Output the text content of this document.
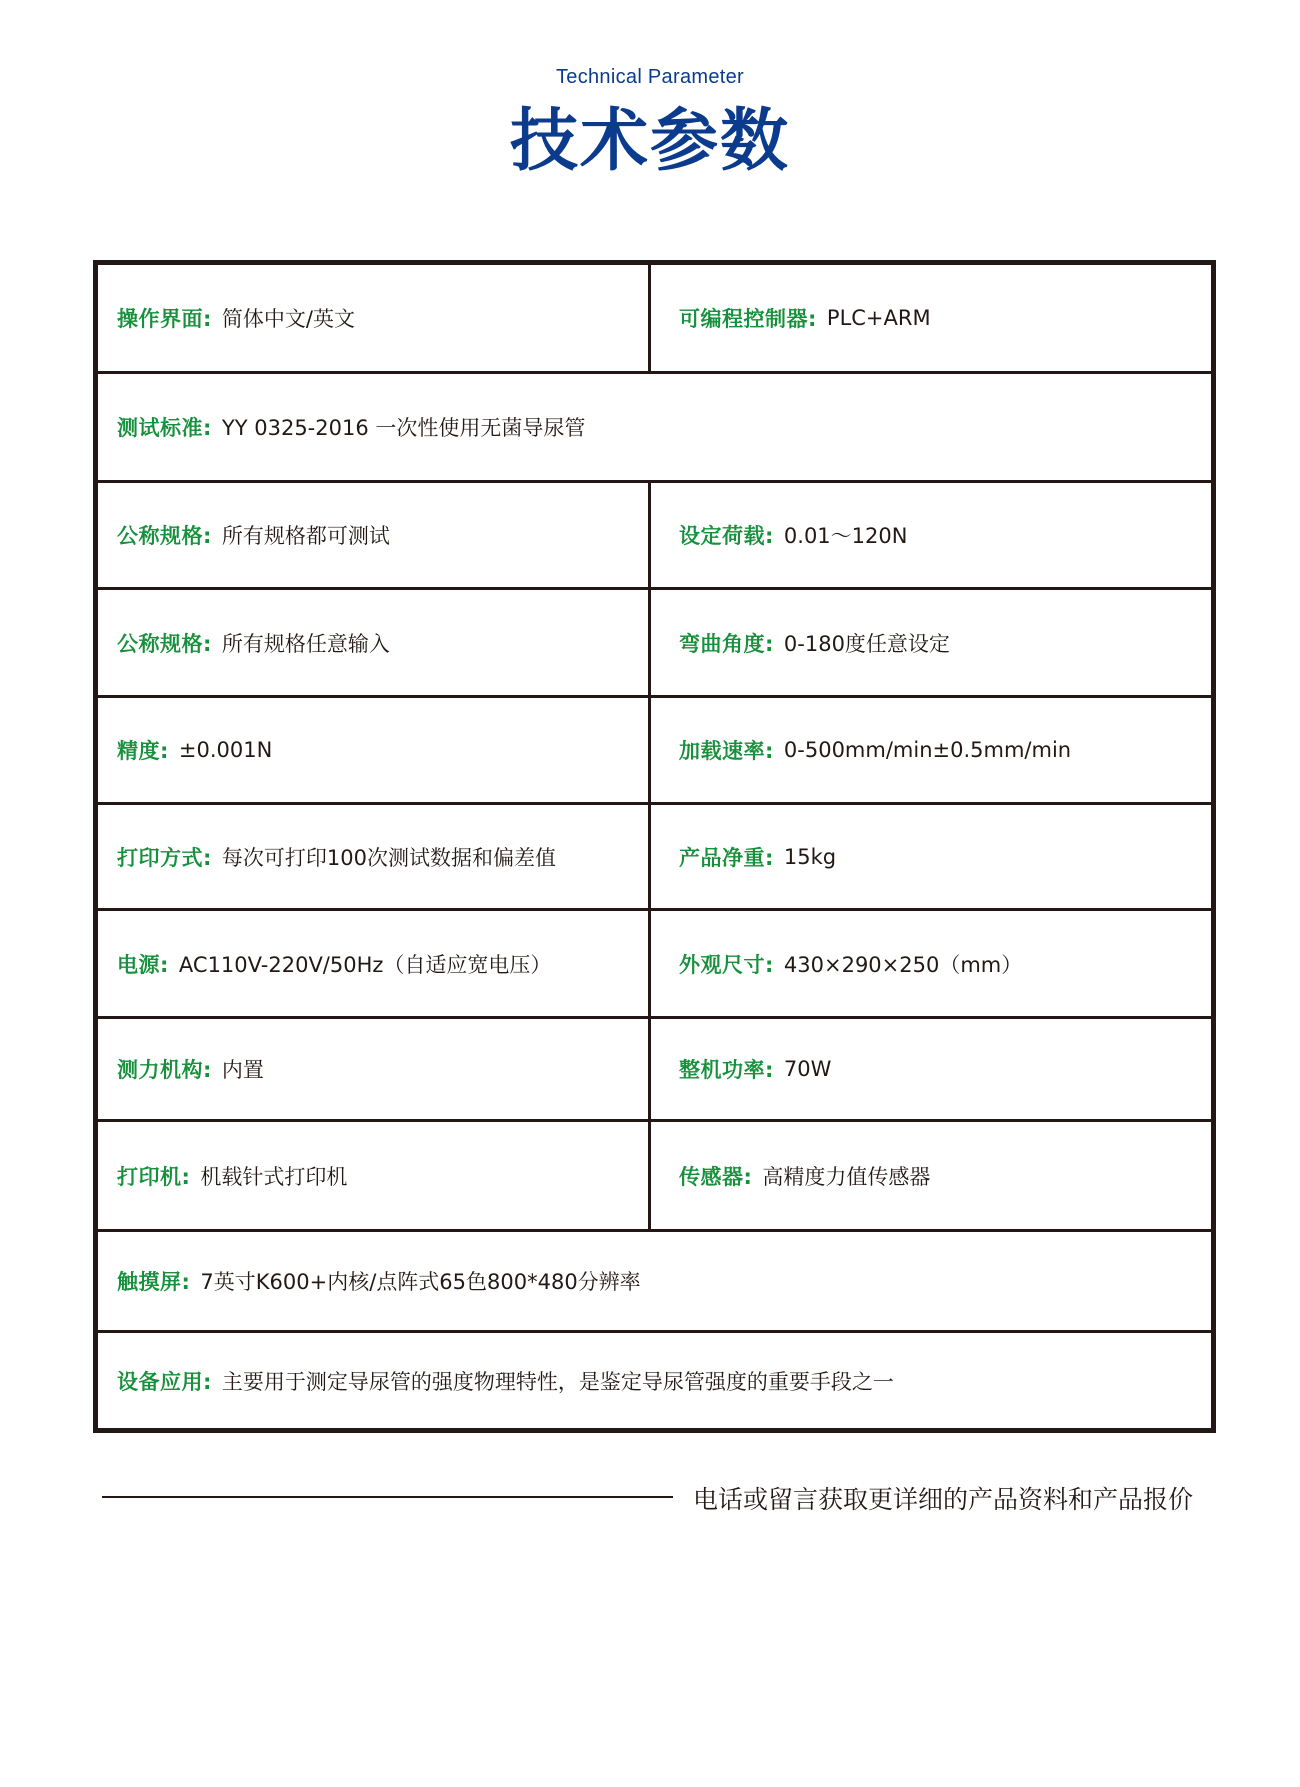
Technical Parameter
技术参数
操作界面: 简体中文/英文	可编程控制器: PLC+ARM
测试标准: YY 0325-2016 一次性使用无菌导尿管
公称规格: 所有规格都可测试	设定荷载: 0.01～120N
公称规格: 所有规格任意输入	弯曲角度: 0-180度任意设定
精度: ±0.001N	加载速率: 0-500mm/min±0.5mm/min
打印方式: 每次可打印100次测试数据和偏差值	产品净重: 15kg
电源: AC110V-220V/50Hz（自适应宽电压）	外观尺寸: 430×290×250（mm）
测力机构: 内置	整机功率: 70W
打印机: 机载针式打印机	传感器: 高精度力值传感器
触摸屏: 7英寸K600+内核/点阵式65色800*480分辨率
设备应用: 主要用于测定导尿管的强度物理特性，是鉴定导尿管强度的重要手段之一
电话或留言获取更详细的产品资料和产品报价
